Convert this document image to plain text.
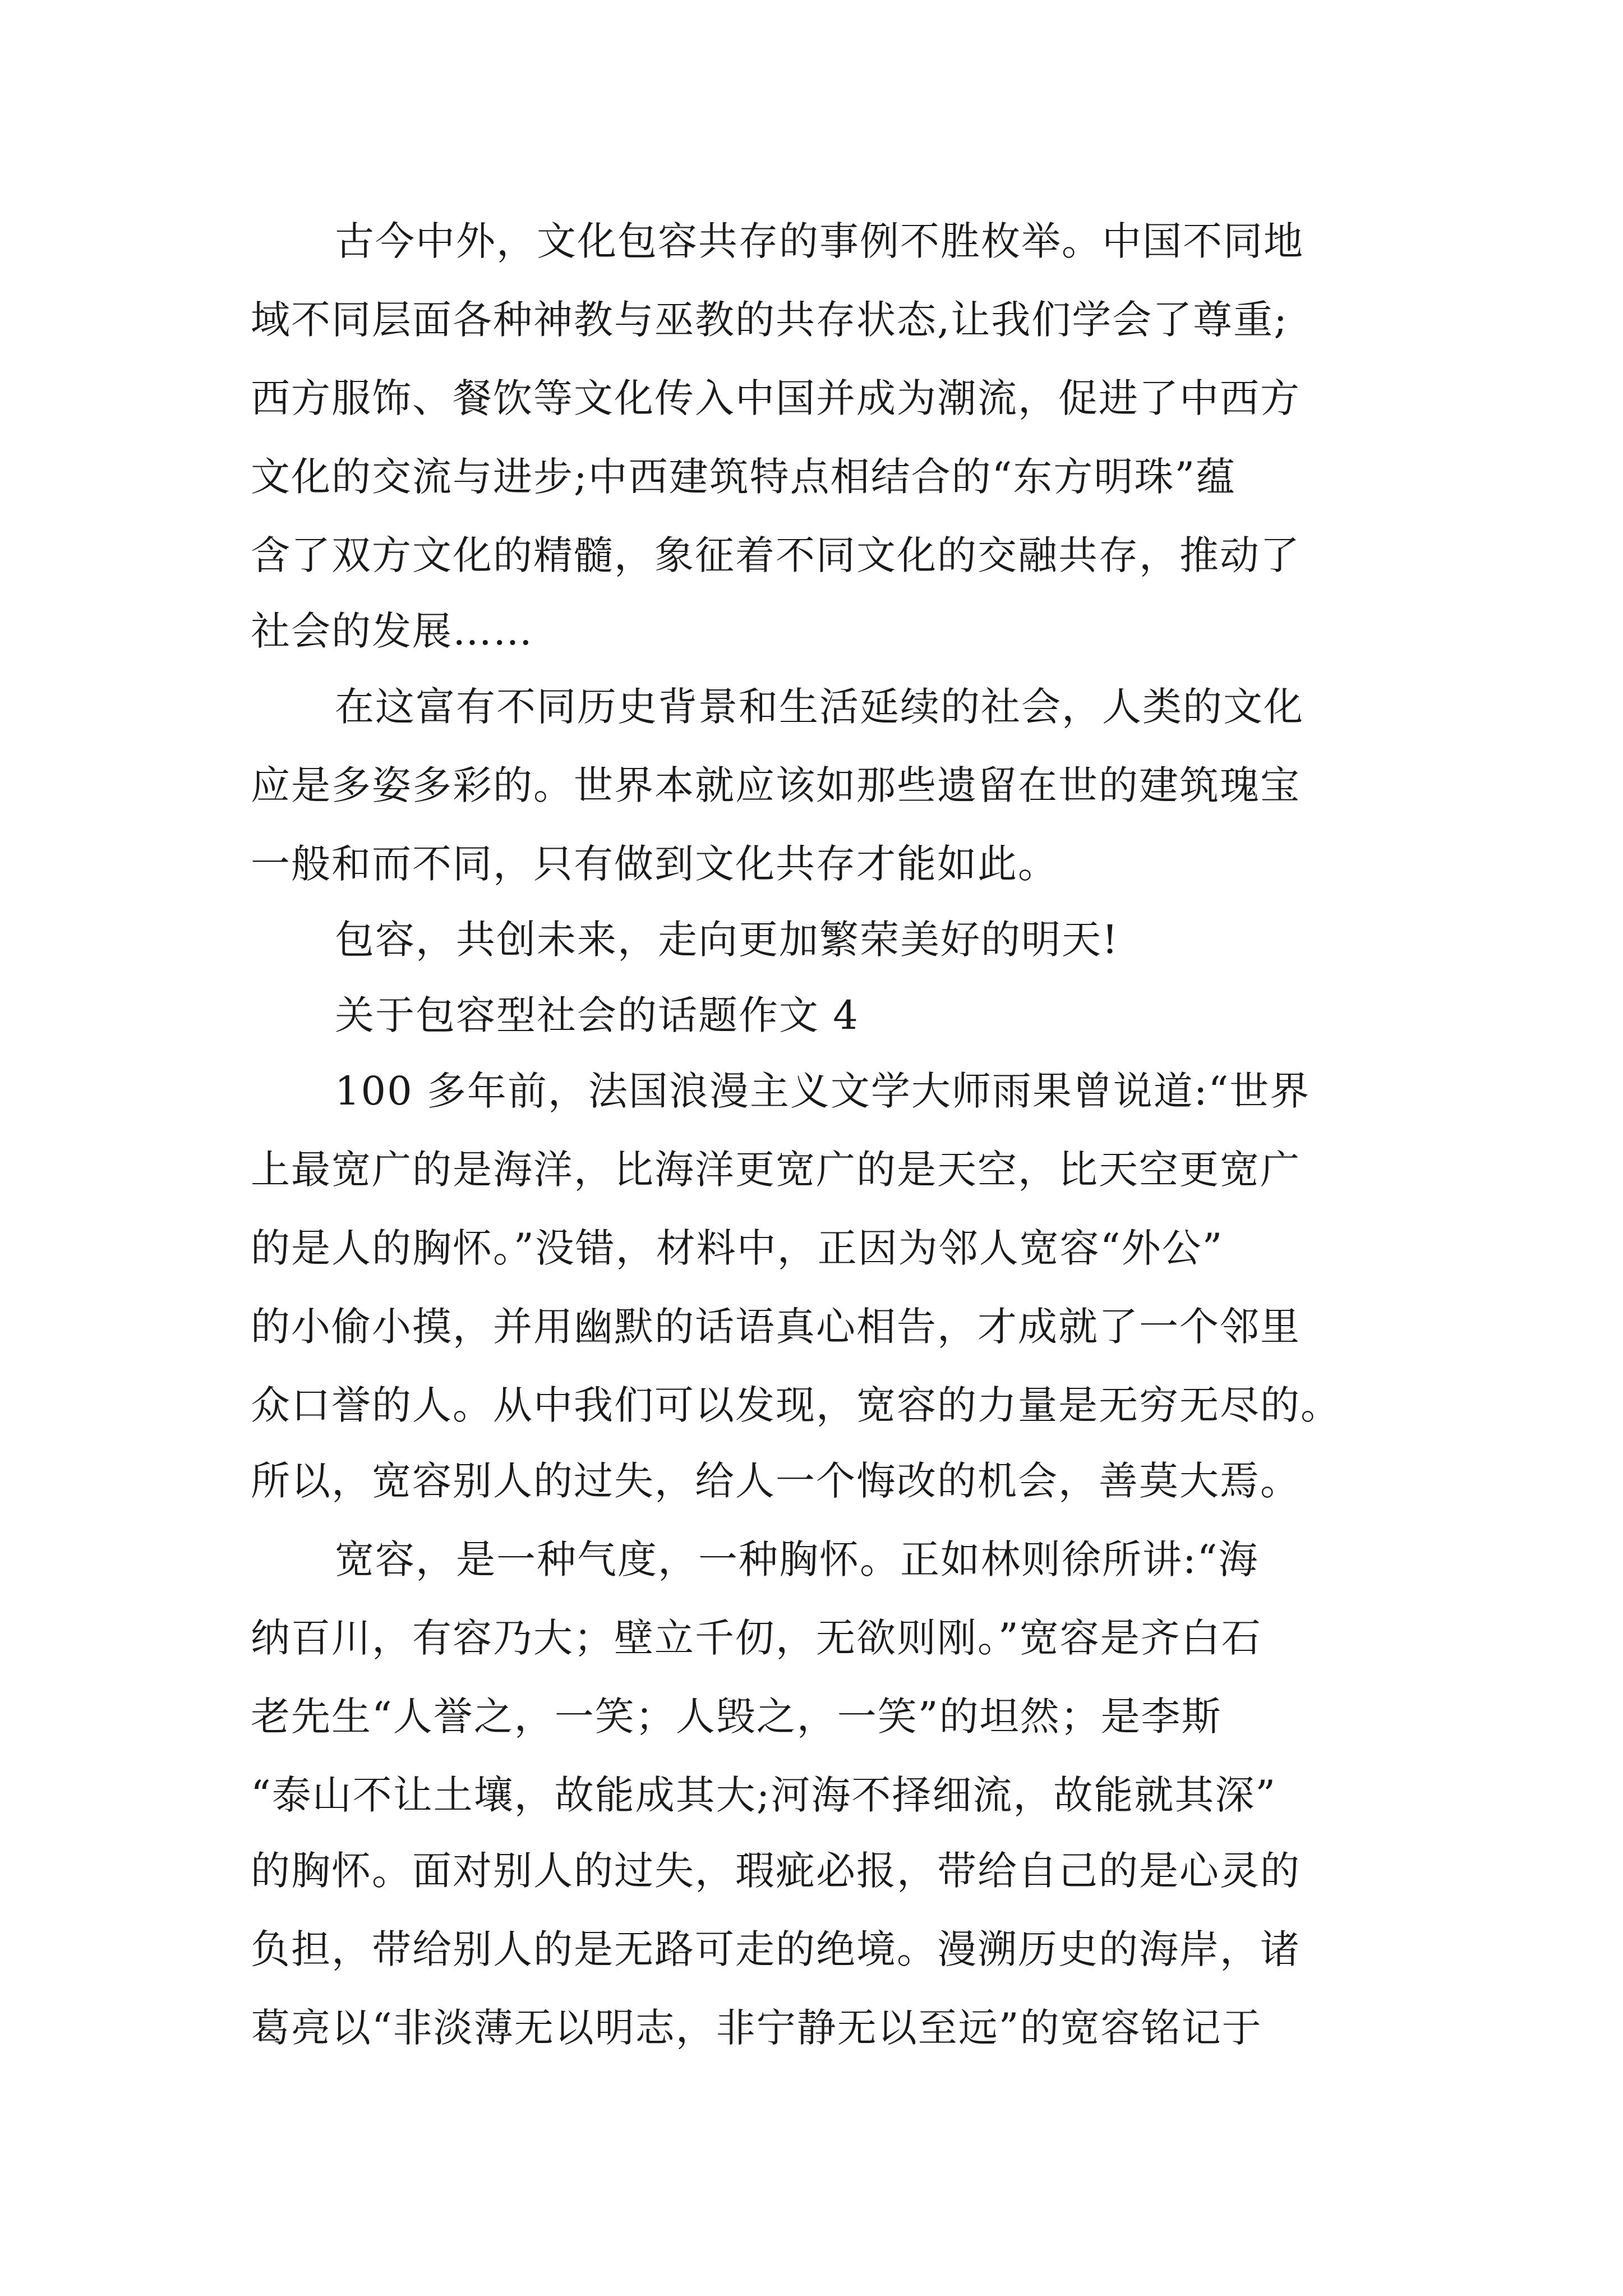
古今中外，文化包容共存的事例不胜枚举。中国不同地
域不同层面各种神教与巫教的共存状态,让我们学会了尊重;
西方服饰、餐饮等文化传入中国并成为潮流，促进了中西方
文化的交流与进步;中西建筑特点相结合的“东方明珠”蕴
含了双方文化的精髓，象征着不同文化的交融共存，推动了
社会的发展……
在这富有不同历史背景和生活延续的社会，人类的文化
应是多姿多彩的。世界本就应该如那些遗留在世的建筑瑰宝
一般和而不同，只有做到文化共存才能如此。
包容，共创未来，走向更加繁荣美好的明天!
关于包容型社会的话题作文 4
100 多年前，法国浪漫主义文学大师雨果曾说道:“世界
上最宽广的是海洋，比海洋更宽广的是天空，比天空更宽广
的是人的胸怀。”没错，材料中，正因为邻人宽容“外公”
的小偷小摸，并用幽默的话语真心相告，才成就了一个邻里
众口誉的人。从中我们可以发现，宽容的力量是无穷无尽的。
所以，宽容别人的过失，给人一个悔改的机会，善莫大焉。
宽容，是一种气度，一种胸怀。正如林则徐所讲:“海
纳百川，有容乃大；壁立千仞，无欲则刚。”宽容是齐白石
老先生“人誉之，一笑；人毁之，一笑”的坦然；是李斯
“泰山不让土壤，故能成其大;河海不择细流，故能就其深”
的胸怀。面对别人的过失，瑕疵必报，带给自己的是心灵的
负担，带给别人的是无路可走的绝境。漫溯历史的海岸，诸
葛亮以“非淡薄无以明志，非宁静无以至远”的宽容铭记于
